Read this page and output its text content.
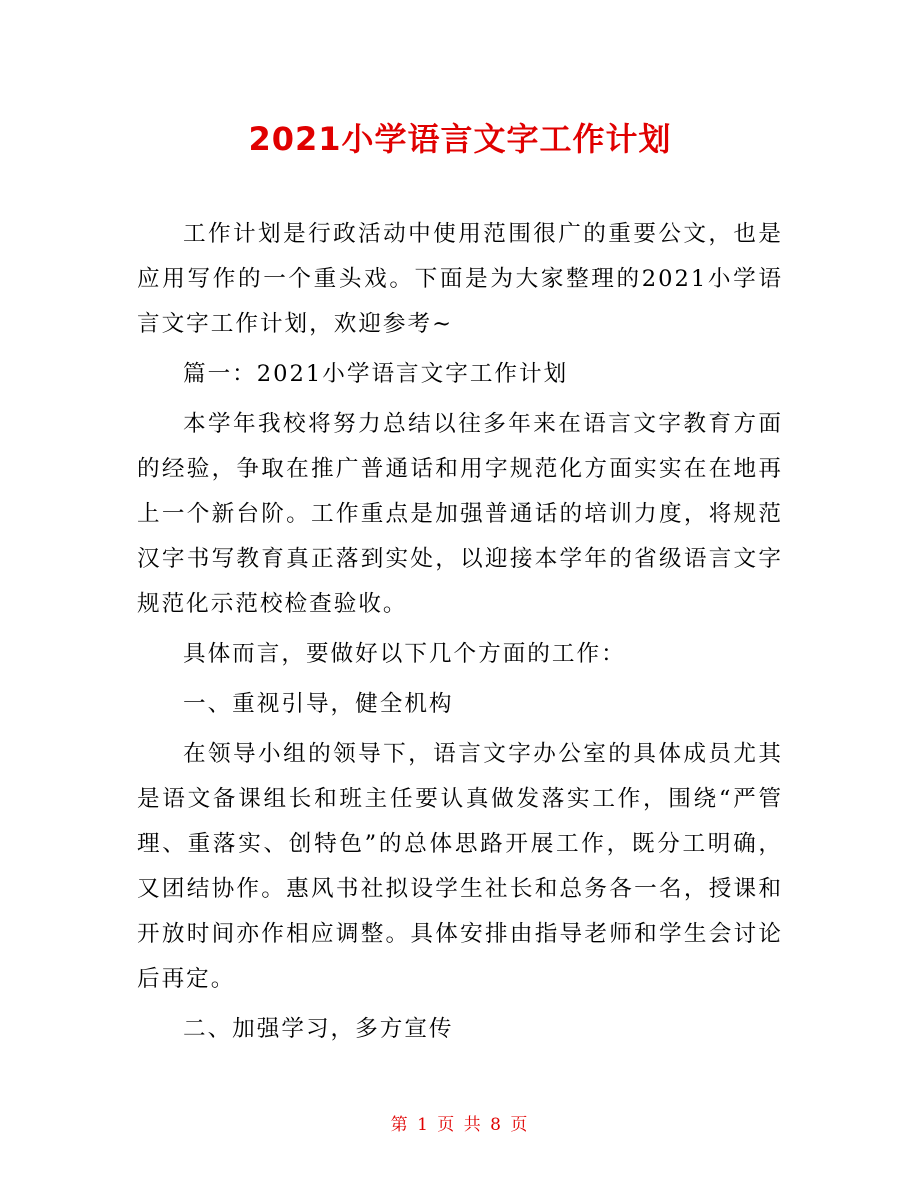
2021小学语言文字工作计划

工作计划是行政活动中使用范围很广的重要公文，也是应用写作的一个重头戏。下面是为大家整理的2021小学语言文字工作计划，欢迎参考~

篇一：2021小学语言文字工作计划

本学年我校将努力总结以往多年来在语言文字教育方面的经验，争取在推广普通话和用字规范化方面实实在在地再上一个新台阶。工作重点是加强普通话的培训力度，将规范汉字书写教育真正落到实处，以迎接本学年的省级语言文字规范化示范校检查验收。

具体而言，要做好以下几个方面的工作：

一、重视引导，健全机构

在领导小组的领导下，语言文字办公室的具体成员尤其是语文备课组长和班主任要认真做发落实工作，围绕“严管理、重落实、创特色”的总体思路开展工作，既分工明确，又团结协作。惠风书社拟设学生社长和总务各一名，授课和开放时间亦作相应调整。具体安排由指导老师和学生会讨论后再定。

二、加强学习，多方宣传

第 1 页 共 8 页
